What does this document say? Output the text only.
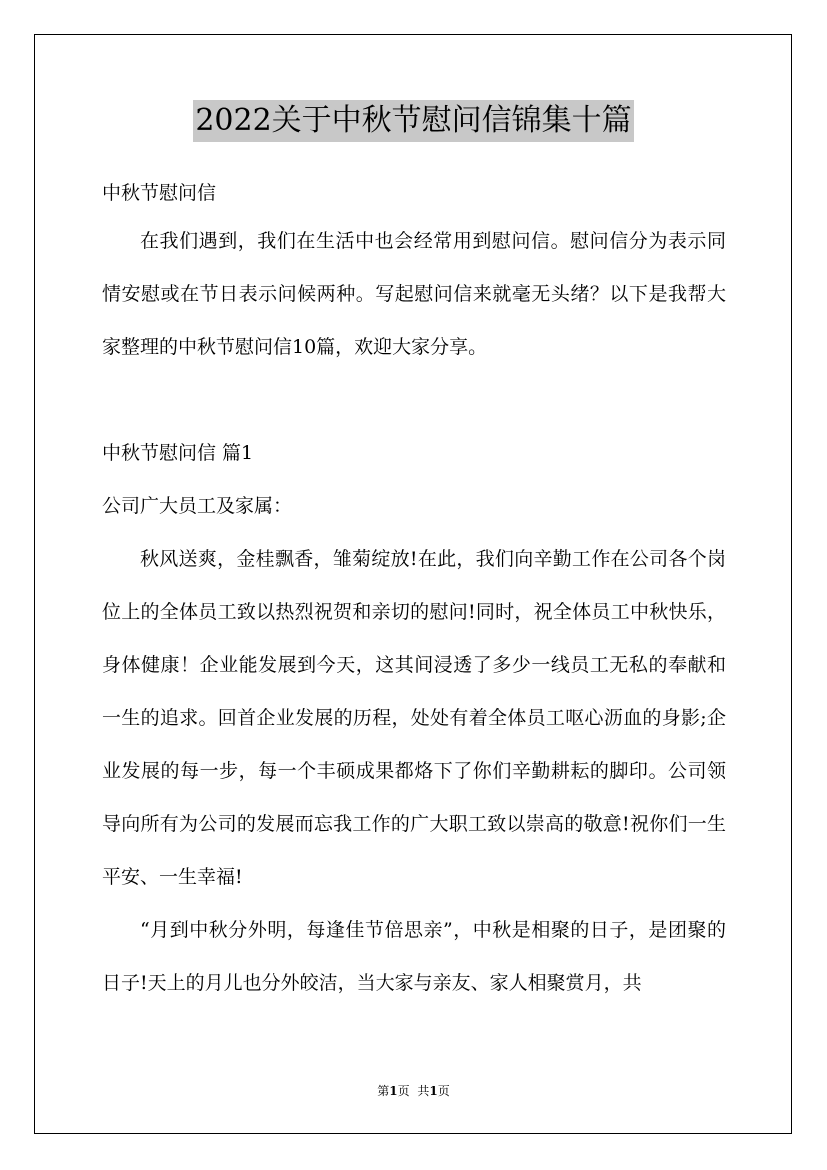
2022关于中秋节慰问信锦集十篇

中秋节慰问信

在我们遇到，我们在生活中也会经常用到慰问信。慰问信分为表示同情安慰或在节日表示问候两种。写起慰问信来就毫无头绪？以下是我帮大家整理的中秋节慰问信10篇，欢迎大家分享。

中秋节慰问信 篇1

公司广大员工及家属：

秋风送爽，金桂飘香，雏菊绽放!在此，我们向辛勤工作在公司各个岗位上的全体员工致以热烈祝贺和亲切的慰问!同时，祝全体员工中秋快乐，身体健康！企业能发展到今天，这其间浸透了多少一线员工无私的奉献和一生的追求。回首企业发展的历程，处处有着全体员工呕心沥血的身影;企业发展的每一步，每一个丰硕成果都烙下了你们辛勤耕耘的脚印。公司领导向所有为公司的发展而忘我工作的广大职工致以崇高的敬意!祝你们一生平安、一生幸福!

“月到中秋分外明，每逢佳节倍思亲”，中秋是相聚的日子，是团聚的日子!天上的月儿也分外皎洁，当大家与亲友、家人相聚赏月，共

第1页 共1页
